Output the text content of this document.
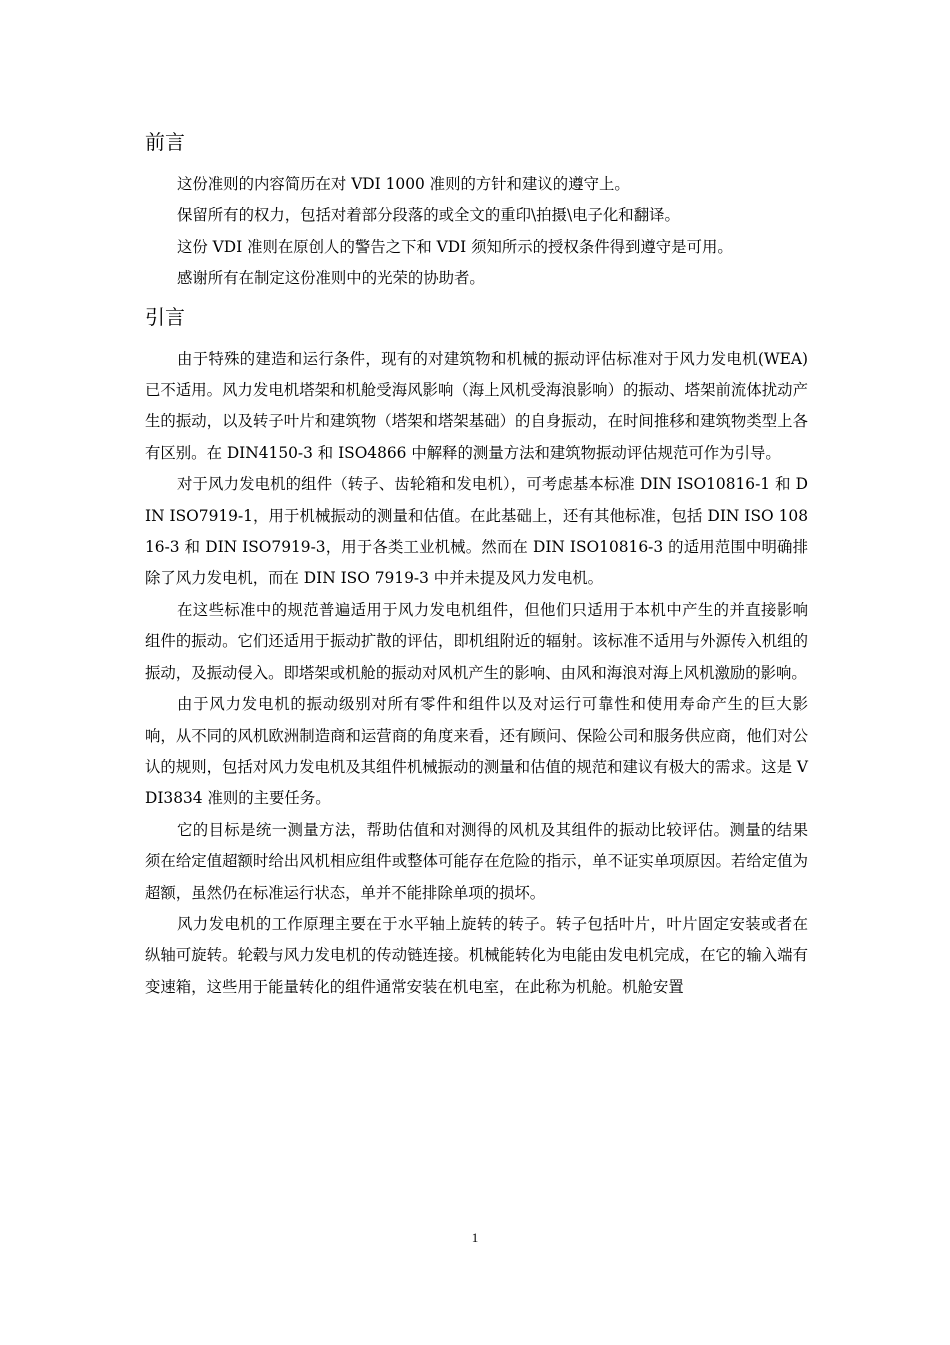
前言

这份准则的内容简历在对 VDI 1000 准则的方针和建议的遵守上。

保留所有的权力，包括对着部分段落的或全文的重印\拍摄\电子化和翻译。

这份 VDI 准则在原创人的警告之下和 VDI 须知所示的授权条件得到遵守是可用。

感谢所有在制定这份准则中的光荣的协助者。

引言

由于特殊的建造和运行条件，现有的对建筑物和机械的振动评估标准对于风力发电机(WEA)已不适用。风力发电机塔架和机舱受海风影响（海上风机受海浪影响）的振动、塔架前流体扰动产生的振动，以及转子叶片和建筑物（塔架和塔架基础）的自身振动，在时间推移和建筑物类型上各有区别。在 DIN4150-3 和 ISO4866 中解释的测量方法和建筑物振动评估规范可作为引导。

对于风力发电机的组件（转子、齿轮箱和发电机），可考虑基本标准 DIN ISO10816-1 和 DIN ISO7919-1，用于机械振动的测量和估值。在此基础上，还有其他标准，包括 DIN ISO 10816-3 和 DIN ISO7919-3，用于各类工业机械。然而在 DIN ISO10816-3 的适用范围中明确排除了风力发电机，而在 DIN ISO 7919-3 中并未提及风力发电机。

在这些标准中的规范普遍适用于风力发电机组件，但他们只适用于本机中产生的并直接影响组件的振动。它们还适用于振动扩散的评估，即机组附近的辐射。该标准不适用与外源传入机组的振动，及振动侵入。即塔架或机舱的振动对风机产生的影响、由风和海浪对海上风机激励的影响。

由于风力发电机的振动级别对所有零件和组件以及对运行可靠性和使用寿命产生的巨大影响，从不同的风机欧洲制造商和运营商的角度来看，还有顾问、保险公司和服务供应商，他们对公认的规则，包括对风力发电机及其组件机械振动的测量和估值的规范和建议有极大的需求。这是 VDI3834 准则的主要任务。

它的目标是统一测量方法，帮助估值和对测得的风机及其组件的振动比较评估。测量的结果须在给定值超额时给出风机相应组件或整体可能存在危险的指示，单不证实单项原因。若给定值为超额，虽然仍在标准运行状态，单并不能排除单项的损坏。

风力发电机的工作原理主要在于水平轴上旋转的转子。转子包括叶片，叶片固定安装或者在纵轴可旋转。轮毂与风力发电机的传动链连接。机械能转化为电能由发电机完成，在它的输入端有变速箱，这些用于能量转化的组件通常安装在机电室，在此称为机舱。机舱安置

1
